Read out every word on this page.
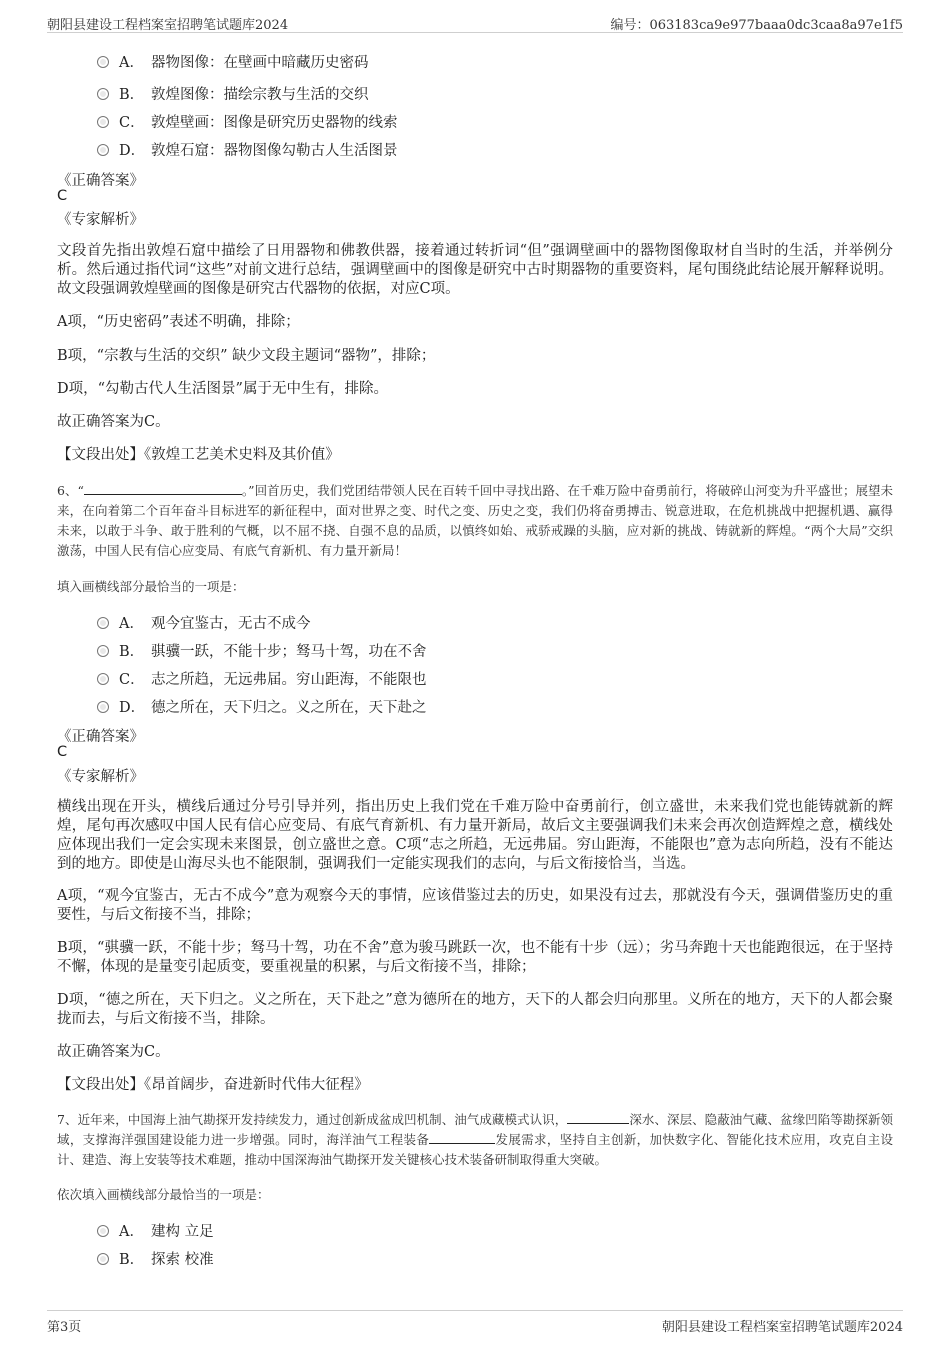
朝阳县建设工程档案室招聘笔试题库2024	编号：063183ca9e977baaa0dc3caa8a97e1f5
A． 器物图像：在壁画中暗藏历史密码
B． 敦煌图像：描绘宗教与生活的交织
C． 敦煌壁画：图像是研究历史器物的线索
D． 敦煌石窟：器物图像勾勒古人生活图景
《正确答案》
C
《专家解析》
文段首先指出敦煌石窟中描绘了日用器物和佛教供器，接着通过转折词“但”强调壁画中的器物图像取材自当时的生活，并举例分析。然后通过指代词“这些”对前文进行总结，强调壁画中的图像是研究中古时期器物的重要资料，尾句围绕此结论展开解释说明。故文段强调敦煌壁画的图像是研究古代器物的依据，对应C项。
A项，“历史密码”表述不明确，排除；
B项，“宗教与生活的交织” 缺少文段主题词“器物”，排除；
D项，“勾勒古代人生活图景”属于无中生有，排除。
故正确答案为C。
【文段出处】《敦煌工艺美术史料及其价值》
6、“	。”回首历史，我们党团结带领人民在百转千回中寻找出路、在千难万险中奋勇前行，将破碎山河变为升平盛世；展望未来，在向着第二个百年奋斗目标进军的新征程中，面对世界之变、时代之变、历史之变，我们仍将奋勇搏击、锐意进取，在危机挑战中把握机遇、赢得未来，以敢于斗争、敢于胜利的气概，以不屈不挠、自强不息的品质，以慎终如始、戒骄戒躁的头脑，应对新的挑战、铸就新的辉煌。“两个大局”交织激荡，中国人民有信心应变局、有底气育新机、有力量开新局！
填入画横线部分最恰当的一项是：
A． 观今宜鉴古，无古不成今
B． 骐骥一跃，不能十步；驽马十驾，功在不舍
C． 志之所趋，无远弗届。穷山距海，不能限也
D． 德之所在，天下归之。义之所在，天下赴之
《正确答案》
C
《专家解析》
横线出现在开头，横线后通过分号引导并列，指出历史上我们党在千难万险中奋勇前行，创立盛世，未来我们党也能铸就新的辉煌，尾句再次感叹中国人民有信心应变局、有底气育新机、有力量开新局，故后文主要强调我们未来会再次创造辉煌之意，横线处应体现出我们一定会实现未来图景，创立盛世之意。C项“志之所趋，无远弗届。穷山距海，不能限也”意为志向所趋，没有不能达到的地方。即使是山海尽头也不能限制，强调我们一定能实现我们的志向，与后文衔接恰当，当选。
A项，“观今宜鉴古，无古不成今”意为观察今天的事情，应该借鉴过去的历史，如果没有过去，那就没有今天，强调借鉴历史的重要性，与后文衔接不当，排除；
B项，“骐骥一跃，不能十步；驽马十驾，功在不舍”意为骏马跳跃一次，也不能有十步（远）；劣马奔跑十天也能跑很远，在于坚持不懈，体现的是量变引起质变，要重视量的积累，与后文衔接不当，排除；
D项，“德之所在，天下归之。义之所在，天下赴之”意为德所在的地方，天下的人都会归向那里。义所在的地方，天下的人都会聚拢而去，与后文衔接不当，排除。
故正确答案为C。
【文段出处】《昂首阔步，奋进新时代伟大征程》
7、近年来，中国海上油气勘探开发持续发力，通过创新成盆成凹机制、油气成藏模式认识，	深水、深层、隐蔽油气藏、盆缘凹陷等勘探新领域，支撑海洋强国建设能力进一步增强。同时，海洋油气工程装备	发展需求，坚持自主创新，加快数字化、智能化技术应用，攻克自主设计、建造、海上安装等技术难题，推动中国深海油气勘探开发关键核心技术装备研制取得重大突破。
依次填入画横线部分最恰当的一项是：
A． 建构 立足
B． 探索 校准
第3页	朝阳县建设工程档案室招聘笔试题库2024
